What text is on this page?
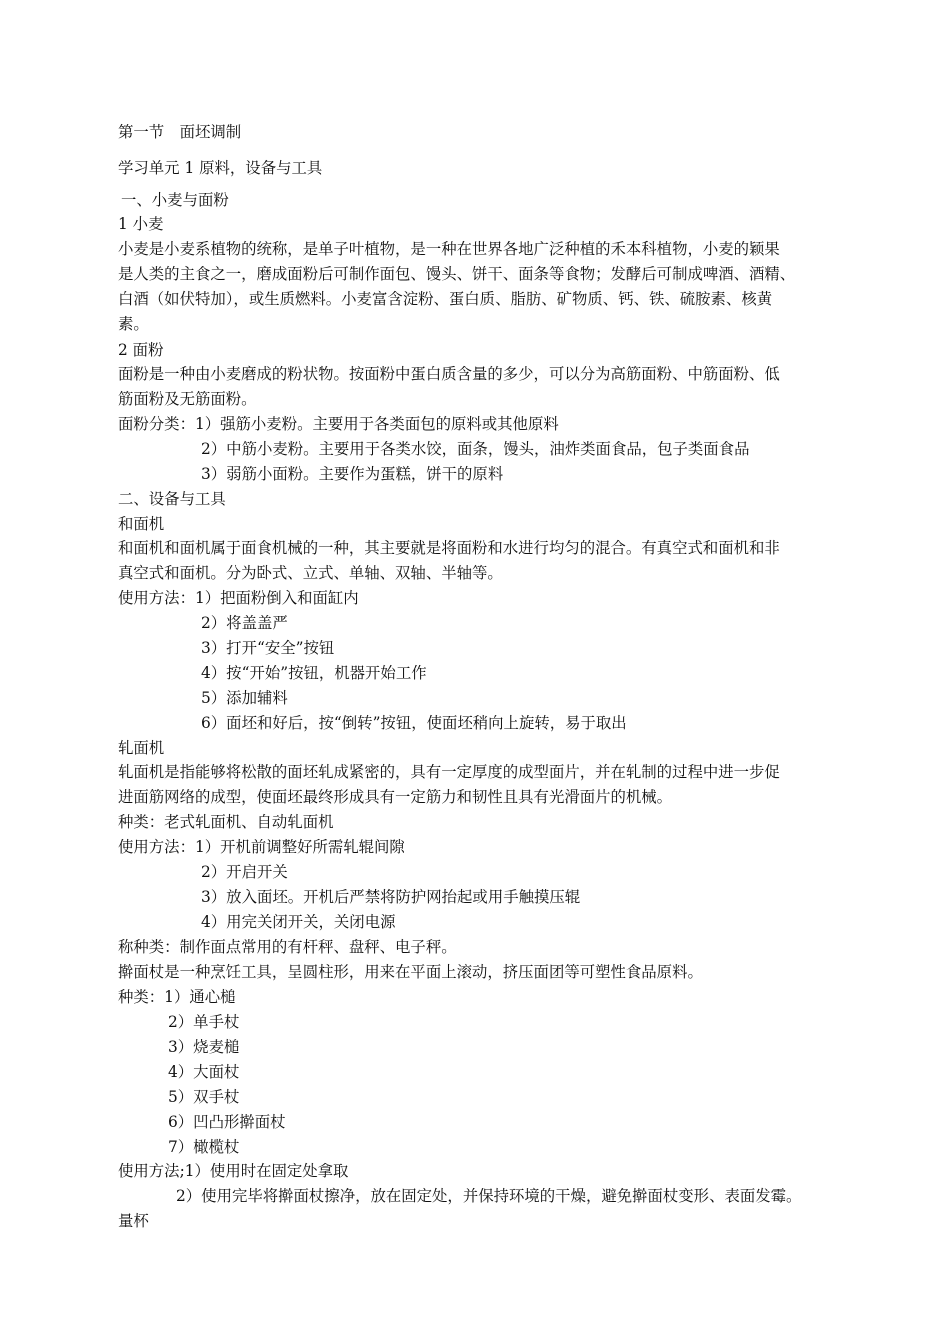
第一节　面坯调制
学习单元 1 原料，设备与工具
一、小麦与面粉
1 小麦
小麦是小麦系植物的统称，是单子叶植物，是一种在世界各地广泛种植的禾本科植物，小麦的颖果
是人类的主食之一，磨成面粉后可制作面包、馒头、饼干、面条等食物；发酵后可制成啤酒、酒精、
白酒（如伏特加），或生质燃料。小麦富含淀粉、蛋白质、脂肪、矿物质、钙、铁、硫胺素、核黄
素。
2 面粉
面粉是一种由小麦磨成的粉状物。按面粉中蛋白质含量的多少，可以分为高筋面粉、中筋面粉、低
筋面粉及无筋面粉。
面粉分类：1）强筋小麦粉。主要用于各类面包的原料或其他原料
2）中筋小麦粉。主要用于各类水饺，面条，馒头，油炸类面食品，包子类面食品
3）弱筋小面粉。主要作为蛋糕，饼干的原料
二、设备与工具
和面机
和面机和面机属于面食机械的一种，其主要就是将面粉和水进行均匀的混合。有真空式和面机和非
真空式和面机。分为卧式、立式、单轴、双轴、半轴等。
使用方法：1）把面粉倒入和面缸内
2）将盖盖严
3）打开“安全”按钮
4）按“开始”按钮，机器开始工作
5）添加辅料
6）面坯和好后，按“倒转”按钮，使面坯稍向上旋转，易于取出
轧面机
轧面机是指能够将松散的面坯轧成紧密的，具有一定厚度的成型面片，并在轧制的过程中进一步促
进面筋网络的成型，使面坯最终形成具有一定筋力和韧性且具有光滑面片的机械。
种类：老式轧面机、自动轧面机
使用方法：1）开机前调整好所需轧辊间隙
2）开启开关
3）放入面坯。开机后严禁将防护网抬起或用手触摸压辊
4）用完关闭开关，关闭电源
称种类：制作面点常用的有杆秤、盘秤、电子秤。
擀面杖是一种烹饪工具，呈圆柱形，用来在平面上滚动，挤压面团等可塑性食品原料。
种类：1）通心槌
2）单手杖
3）烧麦槌
4）大面杖
5）双手杖
6）凹凸形擀面杖
7）橄榄杖
使用方法;1）使用时在固定处拿取
2）使用完毕将擀面杖擦净，放在固定处，并保持环境的干燥，避免擀面杖变形、表面发霉。
量杯
